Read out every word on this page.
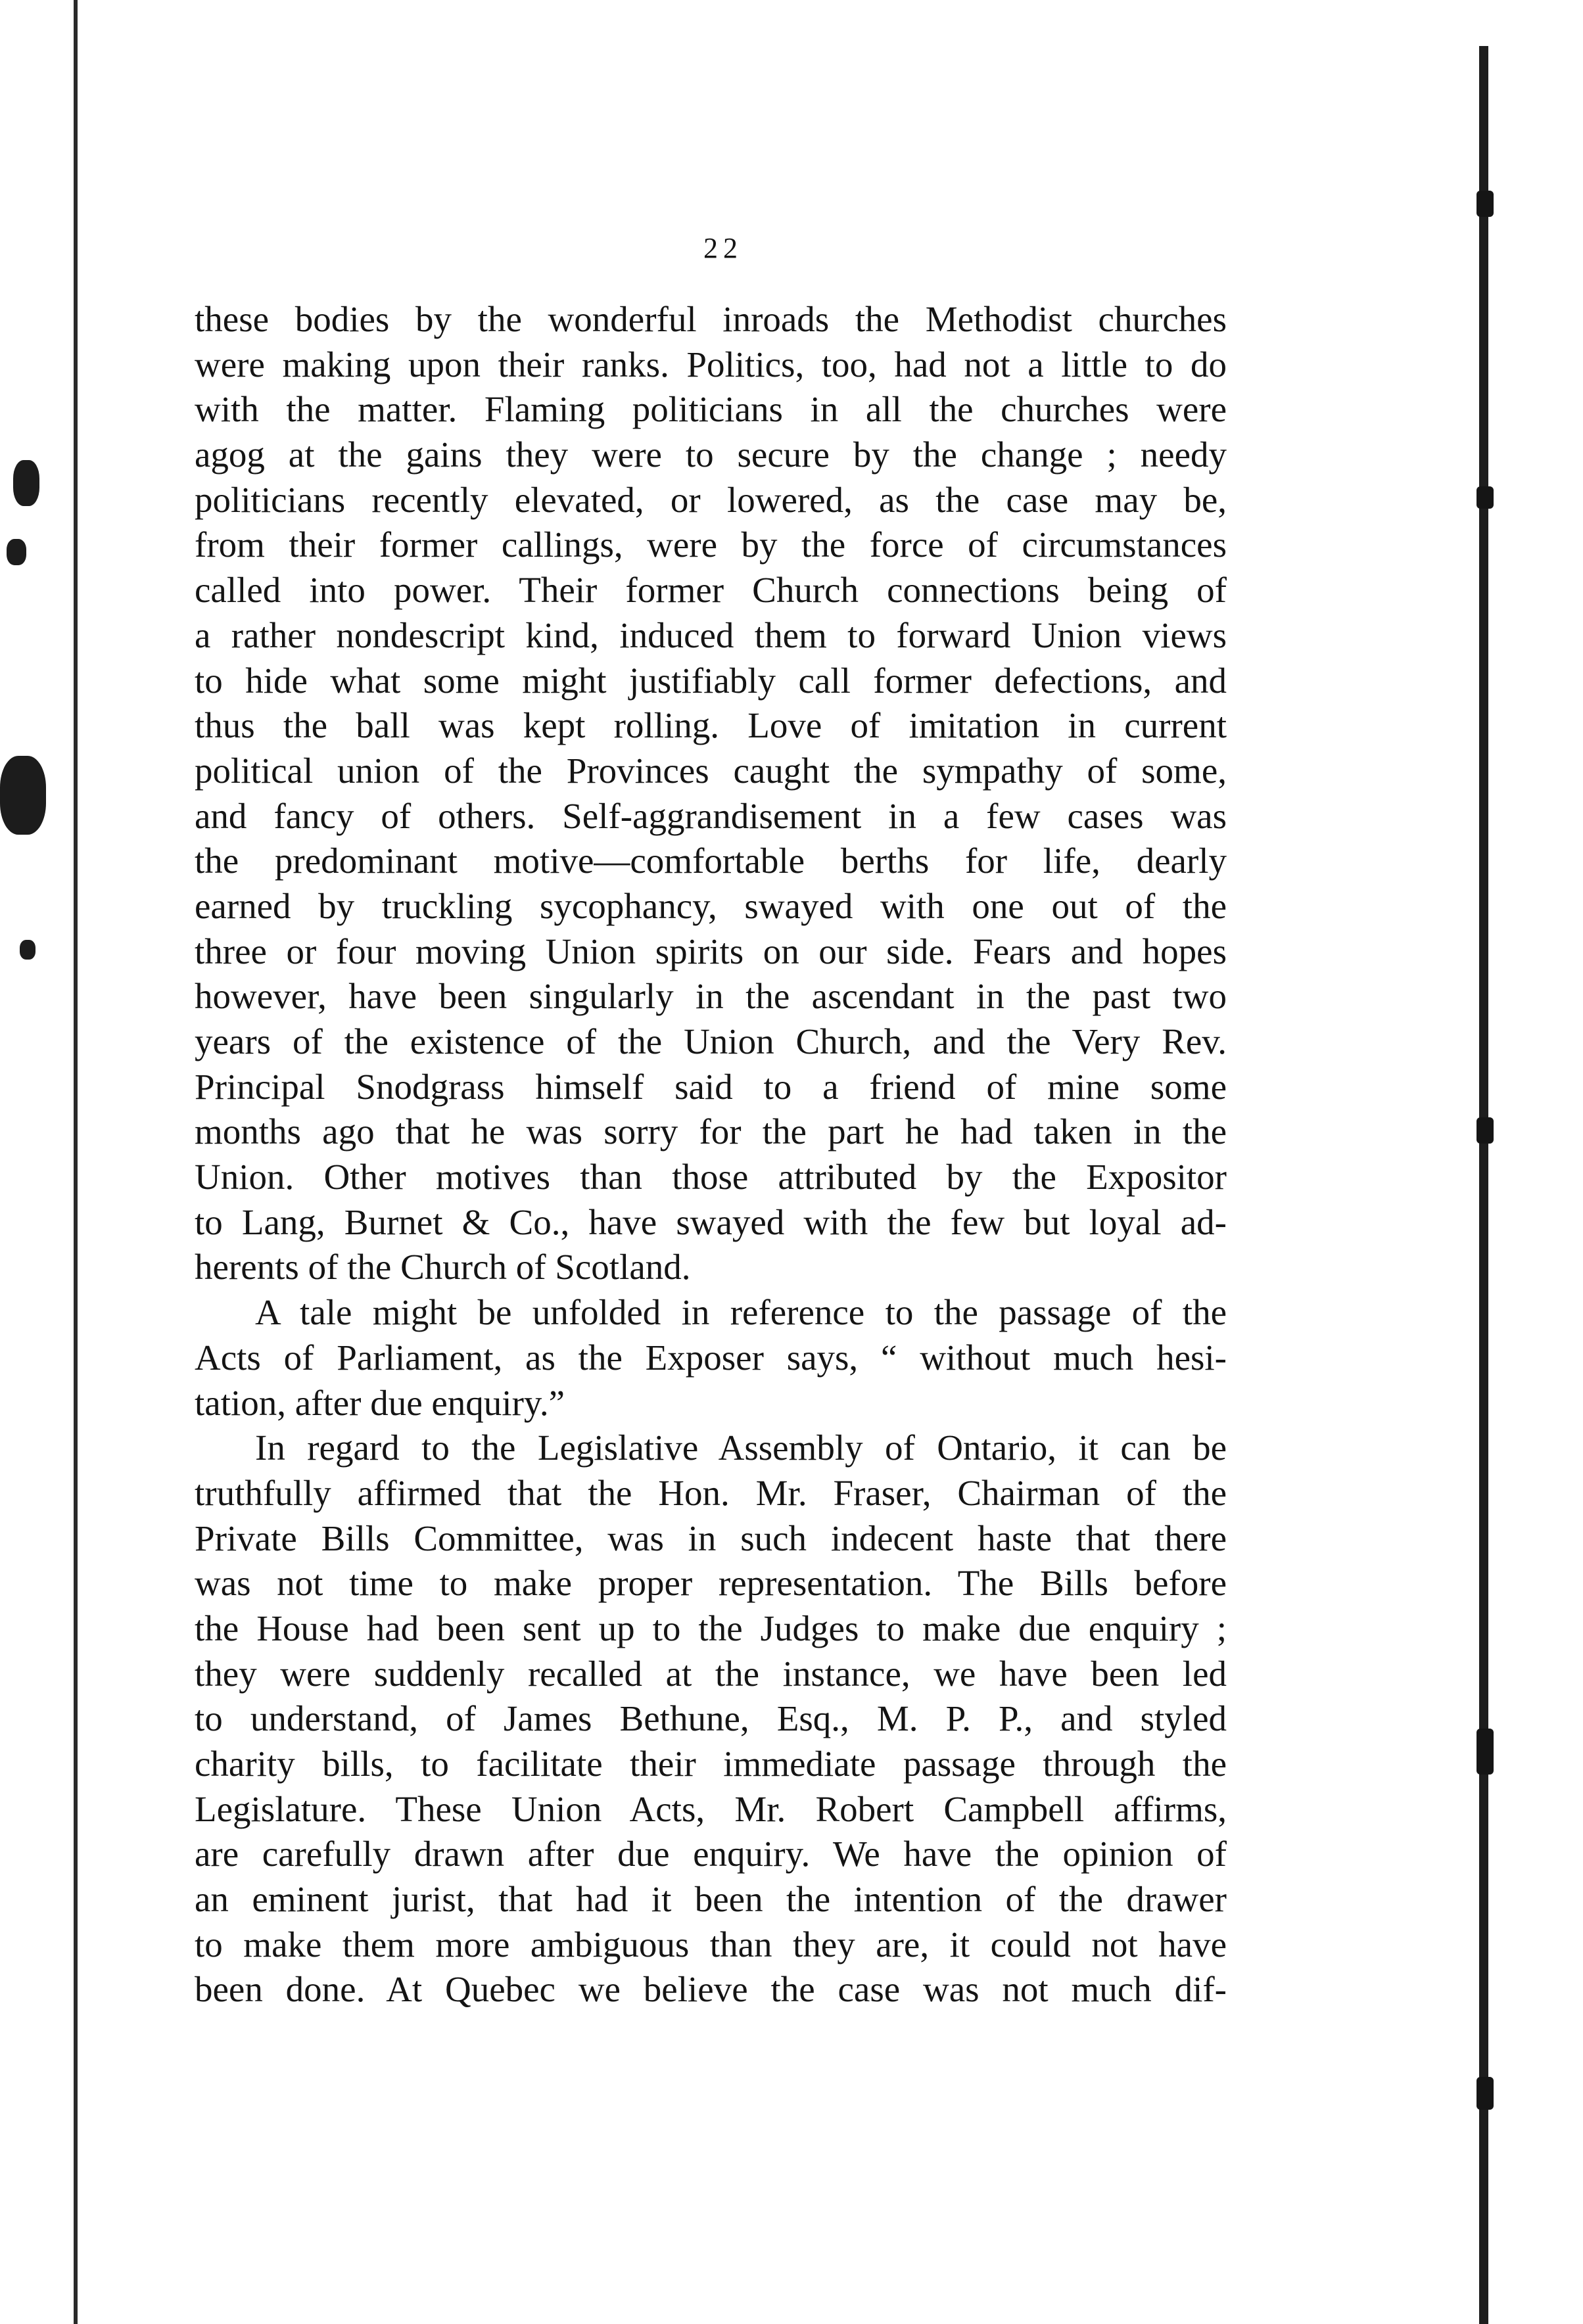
22
these bodies by the wonderful inroads the Methodist churches
were making upon their ranks. Politics, too, had not a little to do
with the matter. Flaming politicians in all the churches were
agog at the gains they were to secure by the change ; needy
politicians recently elevated, or lowered, as the case may be,
from their former callings, were by the force of circumstances
called into power. Their former Church connections being of
a rather nondescript kind, induced them to forward Union views
to hide what some might justifiably call former defections, and
thus the ball was kept rolling. Love of imitation in current
political union of the Provinces caught the sympathy of some,
and fancy of others. Self-aggrandisement in a few cases was
the predominant motive—comfortable berths for life, dearly
earned by truckling sycophancy, swayed with one out of the
three or four moving Union spirits on our side. Fears and hopes
however, have been singularly in the ascendant in the past two
years of the existence of the Union Church, and the Very Rev.
Principal Snodgrass himself said to a friend of mine some
months ago that he was sorry for the part he had taken in the
Union. Other motives than those attributed by the Expositor
to Lang, Burnet & Co., have swayed with the few but loyal ad-
herents of the Church of Scotland.
A tale might be unfolded in reference to the passage of the
Acts of Parliament, as the Exposer says, “ without much hesi-
tation, after due enquiry.”
In regard to the Legislative Assembly of Ontario, it can be
truthfully affirmed that the Hon. Mr. Fraser, Chairman of the
Private Bills Committee, was in such indecent haste that there
was not time to make proper representation. The Bills before
the House had been sent up to the Judges to make due enquiry ;
they were suddenly recalled at the instance, we have been led
to understand, of James Bethune, Esq., M. P. P., and styled
charity bills, to facilitate their immediate passage through the
Legislature. These Union Acts, Mr. Robert Campbell affirms,
are carefully drawn after due enquiry. We have the opinion of
an eminent jurist, that had it been the intention of the drawer
to make them more ambiguous than they are, it could not have
been done. At Quebec we believe the case was not much dif-
